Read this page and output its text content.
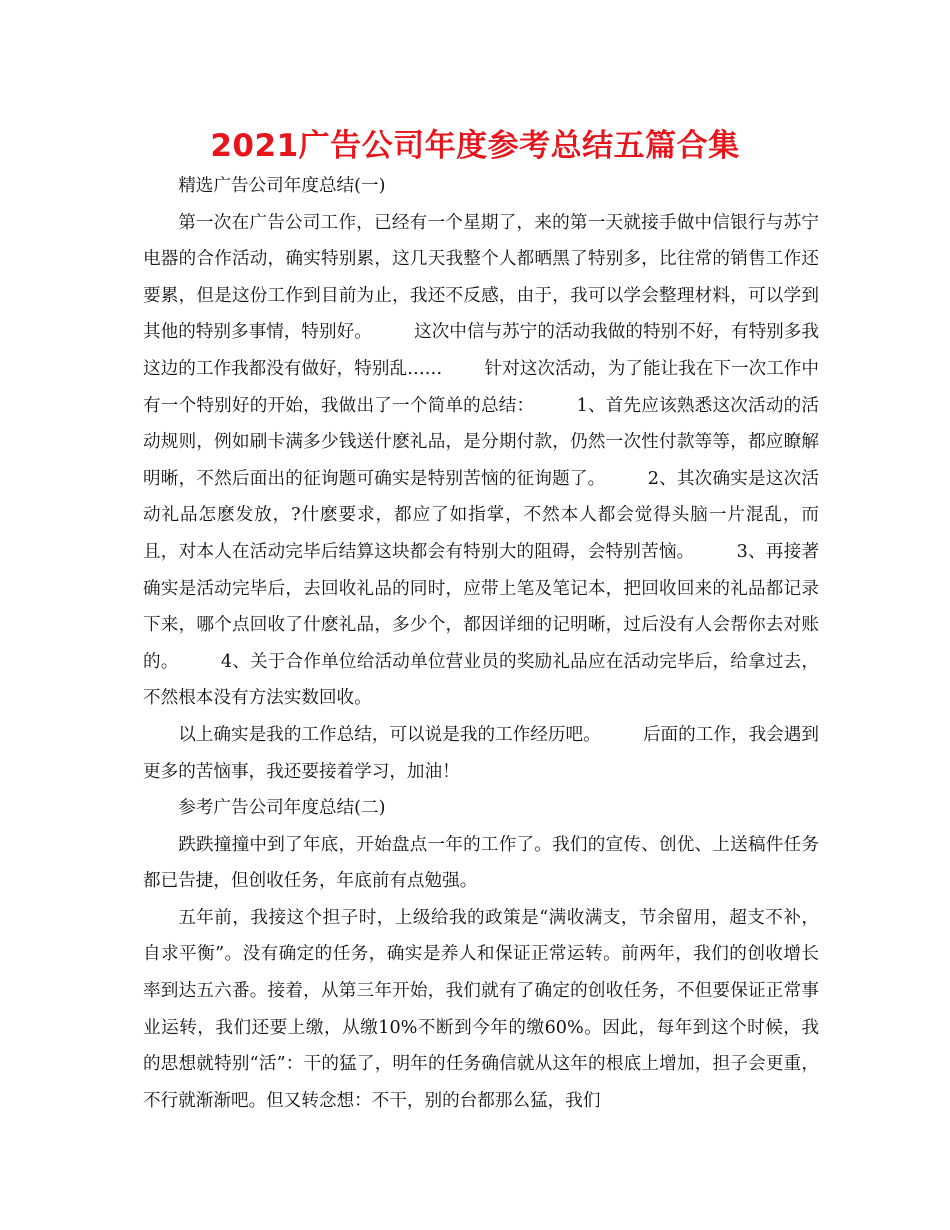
2021广告公司年度参考总结五篇合集

精选广告公司年度总结(一)

第一次在广告公司工作，已经有一个星期了，来的第一天就接手做中信银行与苏宁电器的合作活动，确实特别累，这几天我整个人都晒黑了特别多，比往常的销售工作还要累，但是这份工作到目前为止，我还不反感，由于，我可以学会整理材料，可以学到其他的特别多事情，特别好。 这次中信与苏宁的活动我做的特别不好，有特别多我这边的工作我都没有做好，特别乱…… 针对这次活动，为了能让我在下一次工作中有一个特别好的开始，我做出了一个简单的总结： 1、首先应该熟悉这次活动的活动规则，例如刷卡满多少钱送什麽礼品，是分期付款，仍然一次性付款等等，都应瞭解明晰，不然后面出的征询题可确实是特别苦恼的征询题了。 2、其次确实是这次活动礼品怎麽发放，?什麽要求，都应了如指掌，不然本人都会觉得头脑一片混乱，而且，对本人在活动完毕后结算这块都会有特别大的阻碍，会特别苦恼。 3、再接著确实是活动完毕后，去回收礼品的同时，应带上笔及笔记本，把回收回来的礼品都记录下来，哪个点回收了什麽礼品，多少个，都因详细的记明晰，过后没有人会帮你去对账的。 4、关于合作单位给活动单位营业员的奖励礼品应在活动完毕后，给拿过去，不然根本没有方法实数回收。

以上确实是我的工作总结，可以说是我的工作经历吧。 后面的工作，我会遇到更多的苦恼事，我还要接着学习，加油！

参考广告公司年度总结(二)

跌跌撞撞中到了年底，开始盘点一年的工作了。我们的宣传、创优、上送稿件任务都已告捷，但创收任务，年底前有点勉强。

五年前，我接这个担子时，上级给我的政策是“满收满支，节余留用，超支不补，自求平衡”。没有确定的任务，确实是养人和保证正常运转。前两年，我们的创收增长率到达五六番。接着，从第三年开始，我们就有了确定的创收任务，不但要保证正常事业运转，我们还要上缴，从缴10%不断到今年的缴60%。因此，每年到这个时候，我的思想就特别“活”：干的猛了，明年的任务确信就从这年的根底上增加，担子会更重，不行就渐渐吧。但又转念想：不干，别的台都那么猛，我们
